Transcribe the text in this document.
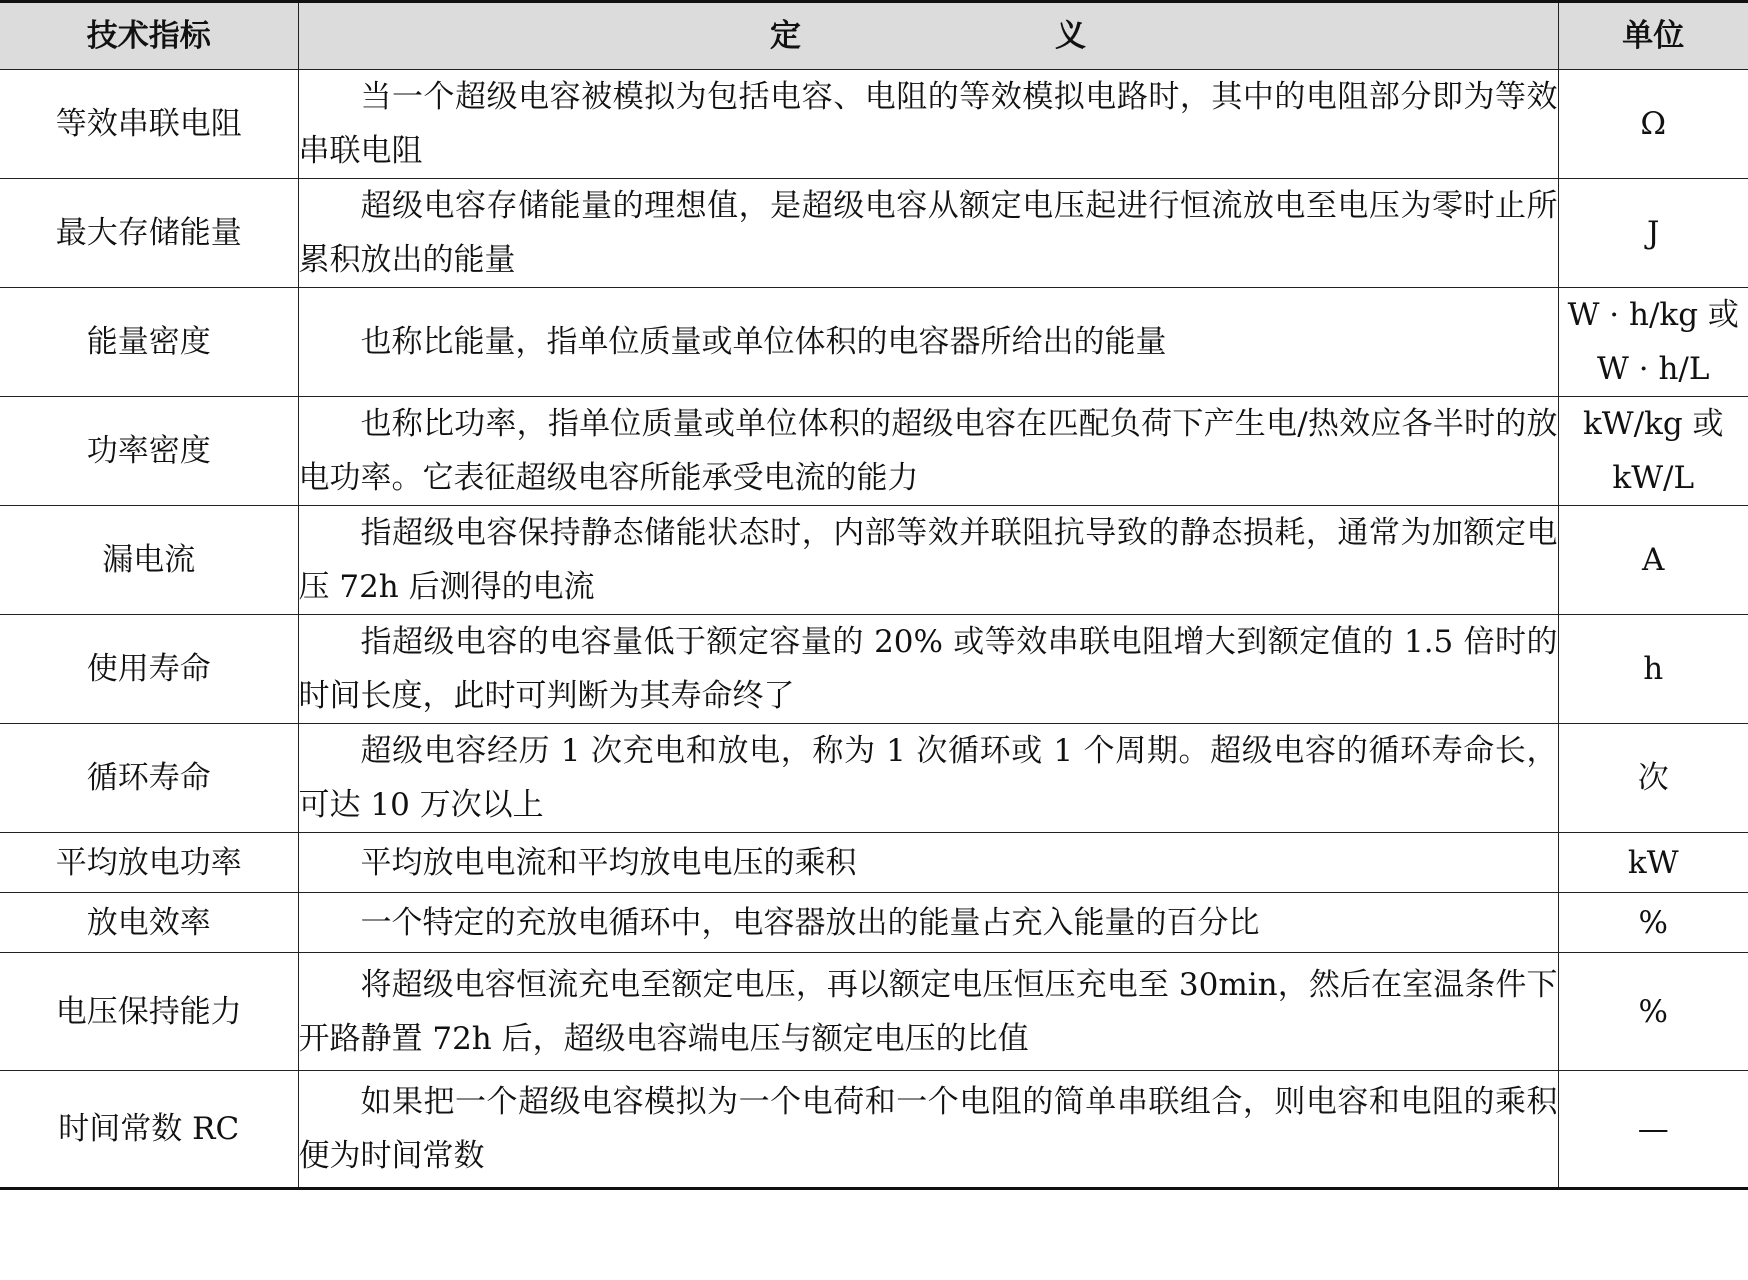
技术指标	定　　义	单位
等效串联电阻	当一个超级电容被模拟为包括电容、电阻的等效模拟电路时，其中的电阻部分即为等效串联电阻	Ω
最大存储能量	超级电容存储能量的理想值，是超级电容从额定电压起进行恒流放电至电压为零时止所累积放出的能量	J
能量密度	也称比能量，指单位质量或单位体积的电容器所给出的能量	W · h/kg 或 W · h/L
功率密度	也称比功率，指单位质量或单位体积的超级电容在匹配负荷下产生电/热效应各半时的放电功率。它表征超级电容所能承受电流的能力	kW/kg 或 kW/L
漏电流	指超级电容保持静态储能状态时，内部等效并联阻抗导致的静态损耗，通常为加额定电压 72h 后测得的电流	A
使用寿命	指超级电容的电容量低于额定容量的 20% 或等效串联电阻增大到额定值的 1.5 倍时的时间长度，此时可判断为其寿命终了	h
循环寿命	超级电容经历 1 次充电和放电，称为 1 次循环或 1 个周期。超级电容的循环寿命长，可达 10 万次以上	次
平均放电功率	平均放电电流和平均放电电压的乘积	kW
放电效率	一个特定的充放电循环中，电容器放出的能量占充入能量的百分比	%
电压保持能力	将超级电容恒流充电至额定电压，再以额定电压恒压充电至 30min，然后在室温条件下开路静置 72h 后，超级电容端电压与额定电压的比值	%
时间常数 RC	如果把一个超级电容模拟为一个电荷和一个电阻的简单串联组合，则电容和电阻的乘积便为时间常数	—
